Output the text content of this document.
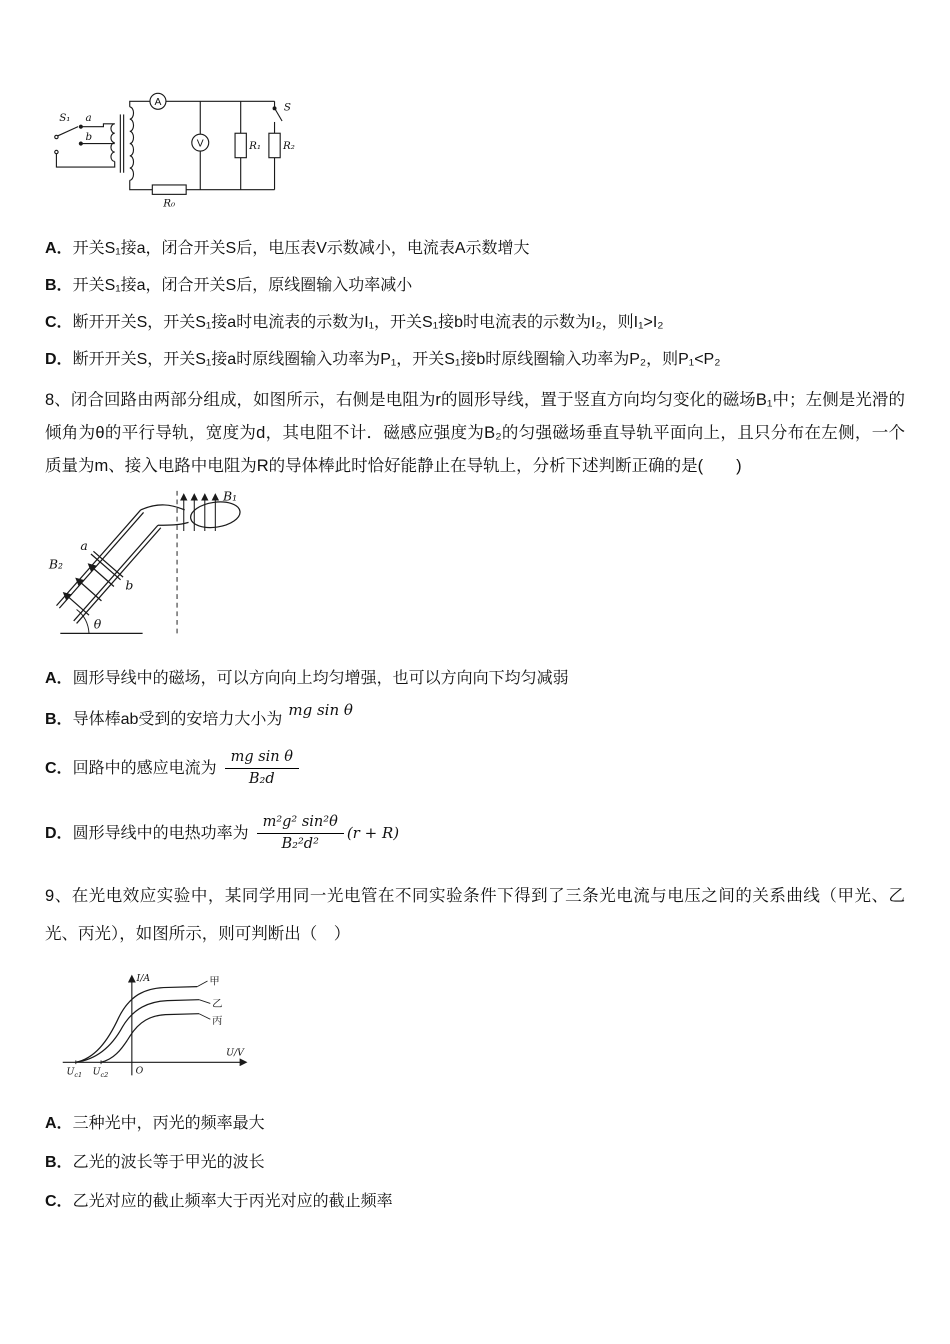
S₁ a
b
A
V	R₁ R₂
S
R₀
A． 开关S₁接a，闭合开关S后，电压表V示数减小，电流表A示数增大
B． 开关S₁接a，闭合开关S后，原线圈输入功率减小
C． 断开开关S，开关S₁接a时电流表的示数为I₁，开关S₁接b时电流表的示数为I₂，则I₁>I₂
D． 断开开关S，开关S₁接a时原线圈输入功率为P₁，开关S₁接b时原线圈输入功率为P₂，则P₁<P₂

8、闭合回路由两部分组成，如图所示，右侧是电阻为r的圆形导线，置于竖直方向均匀变化的磁场B₁中；左侧是光滑的倾角为θ的平行导轨，宽度为d，其电阻不计．磁感应强度为B₂的匀强磁场垂直导轨平面向上，且只分布在左侧，一个质量为m、接入电路中电阻为R的导体棒此时恰好能静止在导轨上，分析下述判断正确的是(　　)

B₁
B₂
a
b
θ
A． 圆形导线中的磁场，可以方向向上均匀增强，也可以方向向下均匀减弱
B． 导体棒ab受到的安培力大小为
mg sin θ
C． 回路中的感应电流为 $\frac{\text{mg sin θ}}{\text{B₂d}}$
D． 圆形导线中的电热功率为 $\frac{\text{m²g² sin²θ}}{\text{B₂²d²}} (r + R)$

9、在光电效应实验中，某同学用同一光电管在不同实验条件下得到了三条光电流与电压之间的关系曲线（甲光、乙光、丙光），如图所示，则可判断出（　）

I/A
U/V
O
$U_{c1}$ $U_{c2}$
甲
乙
丙
A． 三种光中，丙光的频率最大
B． 乙光的波长等于甲光的波长
C． 乙光对应的截止频率大于丙光对应的截止频率
